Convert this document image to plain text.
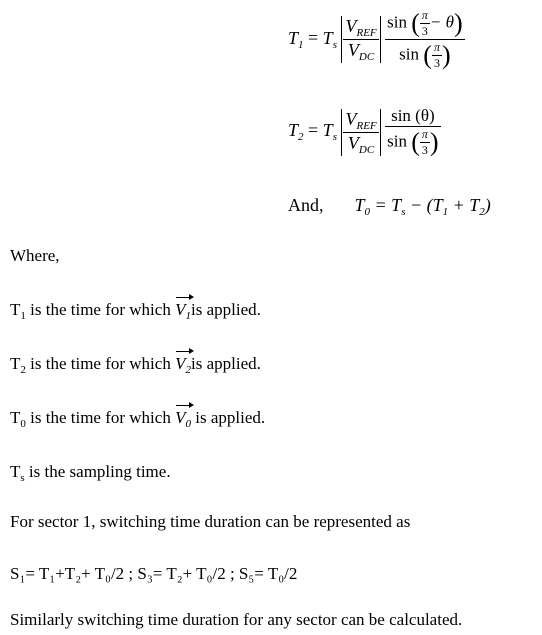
$T_1 = T_s \frac{V_{REF}}{V_{DC}}$
$\frac{\sin ( \frac{\pi}{3} - \theta)}{\sin ( \frac{\pi}{3} )}$
$T_2 = T_s \frac{V_{REF}}{V_{DC}}$
$\frac{\sin (\theta)}{\sin ( \frac{\pi}{3} )}$
And, $T_0 = T_s - (T_1 + T_2)$
Where,
$T_1$ is the time for which $V_1is$ applied.
$T_2$ is the time for which $V_2is$ applied.
$T_0$ is the time for which $V_0$ is applied.
$T_s$ is the sampling time.
For sector 1, switching time duration can be represented as
S₁= T₁+T₂+ T₀/2 ; S₃= T₂+ T₀/2 ; S₅= T₀/2
Similarly switching time duration for any sector can be calculated.
